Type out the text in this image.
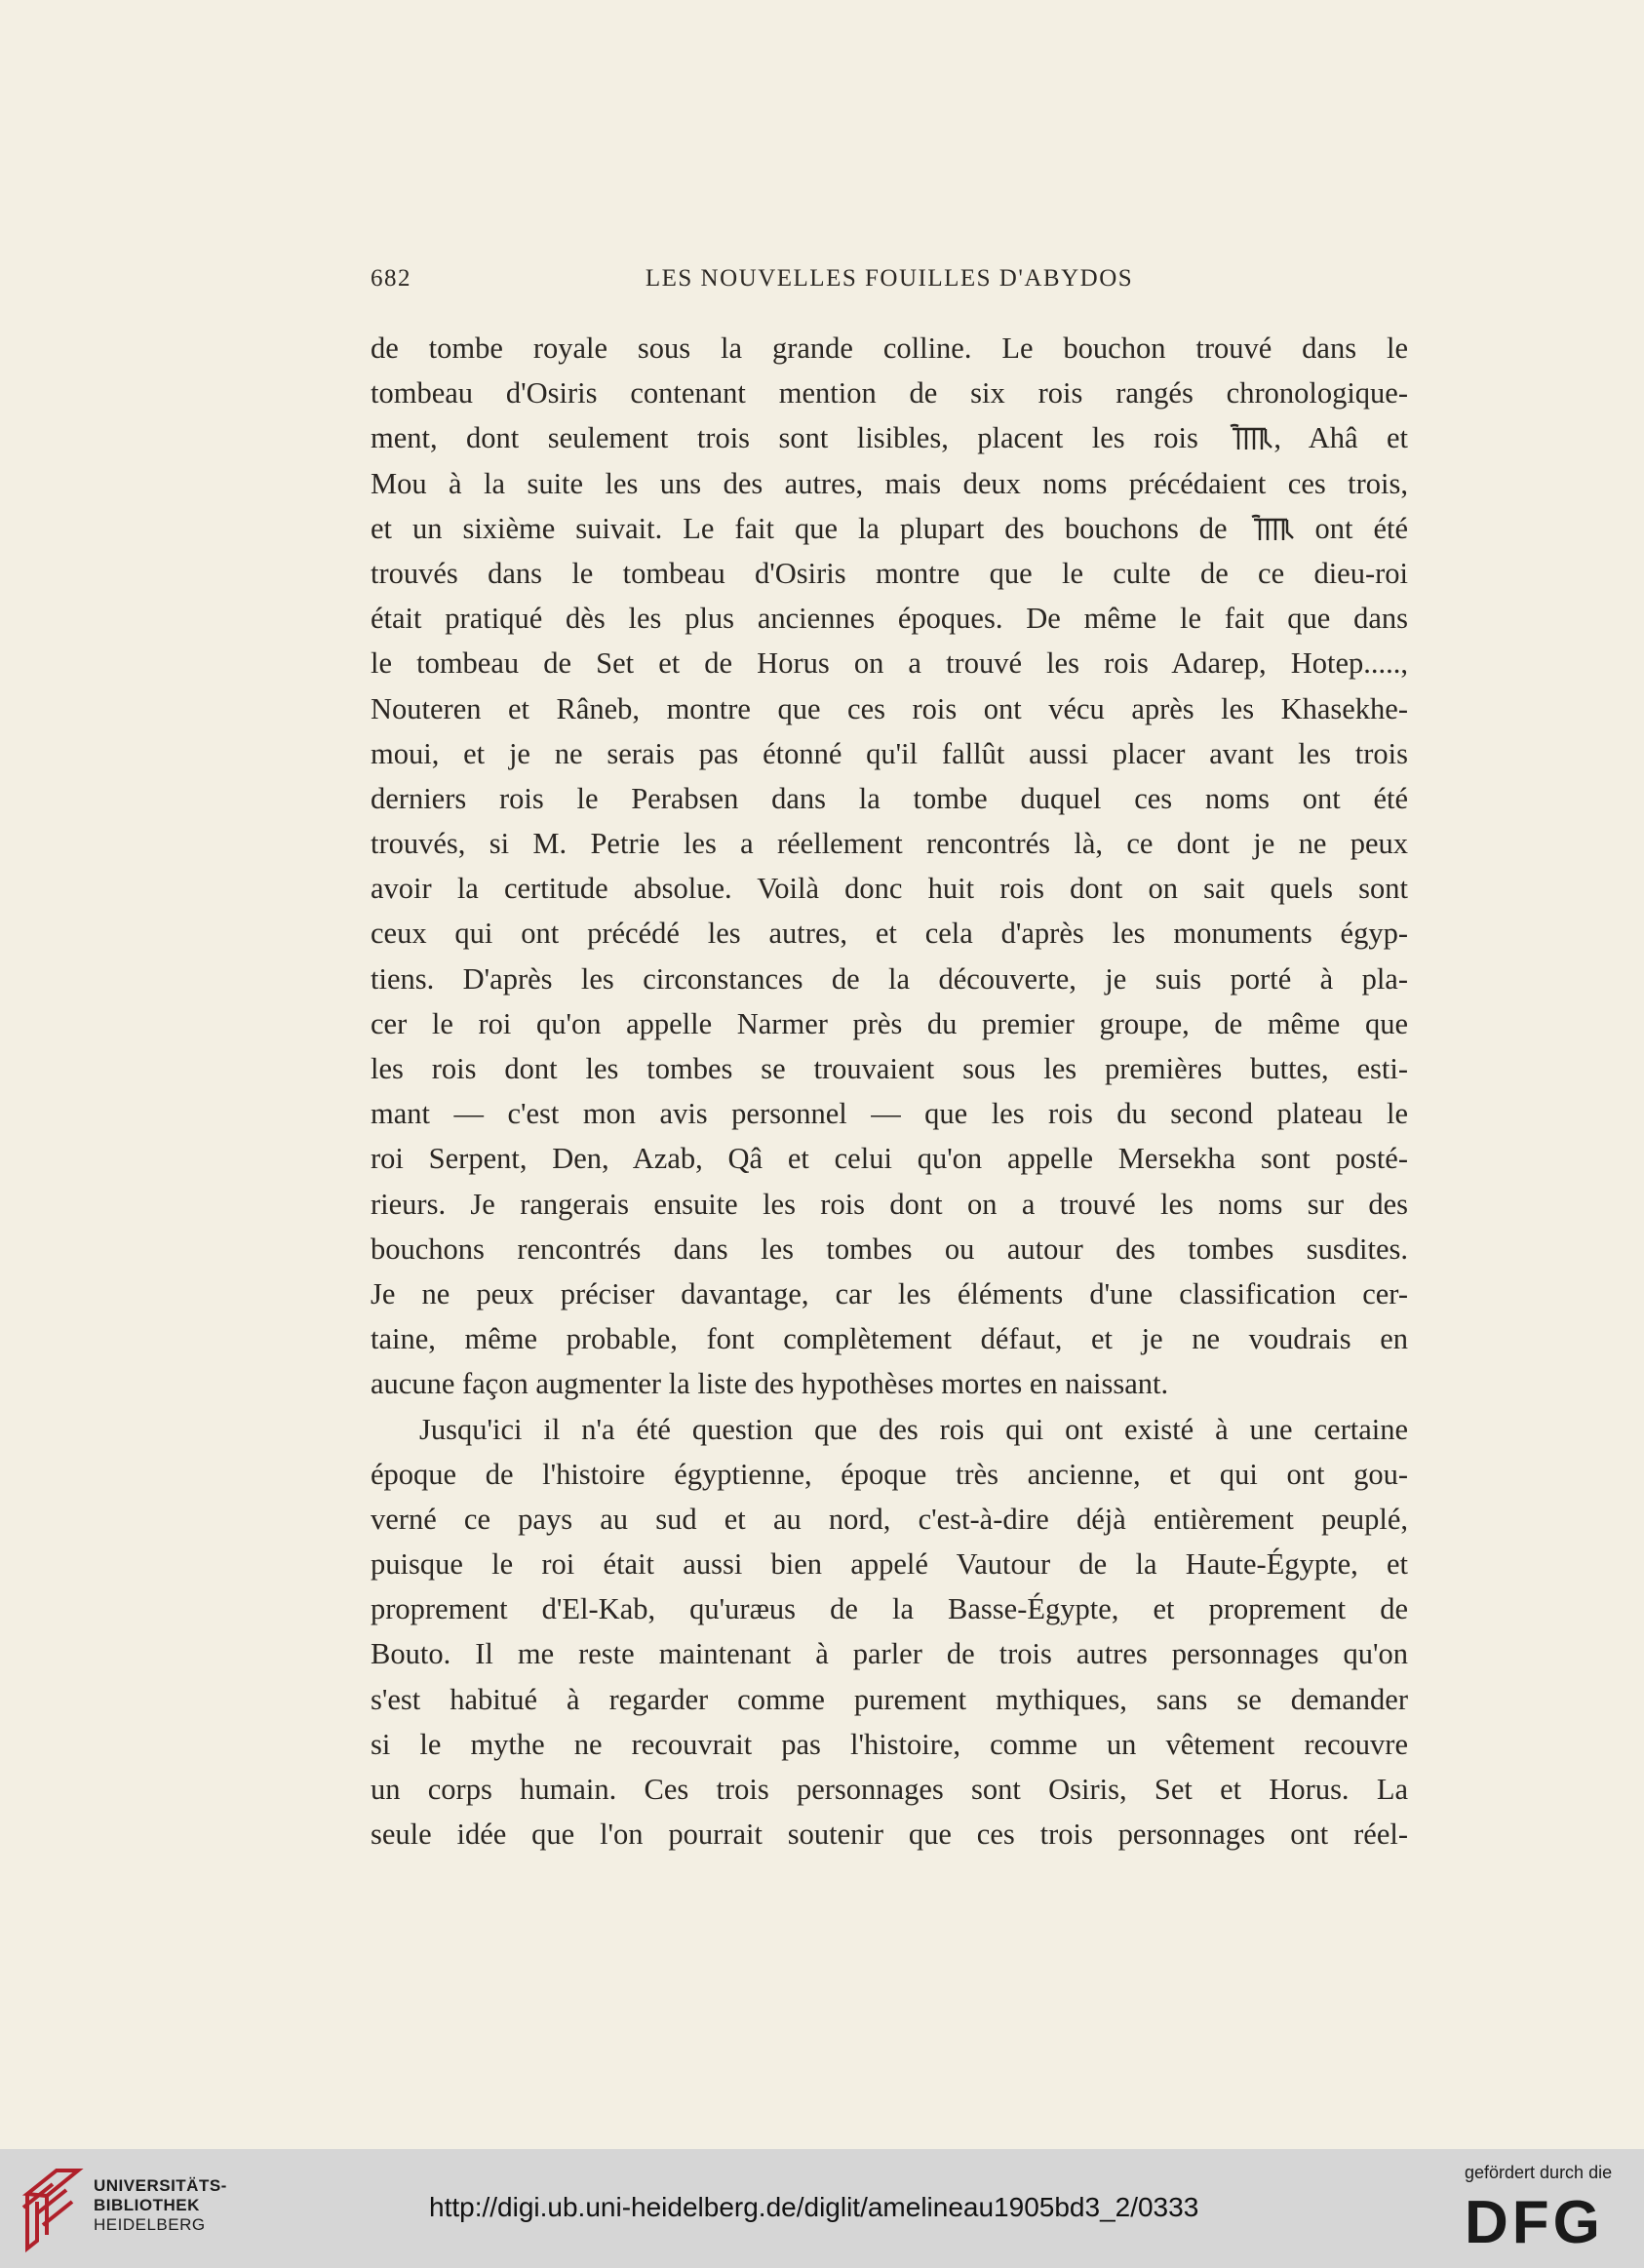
682	LES NOUVELLES FOUILLES D'ABYDOS
de tombe royale sous la grande colline. Le bouchon trouvé dans le
tombeau d'Osiris contenant mention de six rois rangés chronologique-
ment, dont seulement trois sont lisibles, placent les rois
, Ahâ et
Mou à la suite les uns des autres, mais deux noms précédaient ces trois,
et un sixième suivait. Le fait que la plupart des bouchons de
ont été
trouvés dans le tombeau d'Osiris montre que le culte de ce dieu-roi
était pratiqué dès les plus anciennes époques. De même le fait que dans
le tombeau de Set et de Horus on a trouvé les rois Adarep, Hotep.....,
Nouteren et Râneb, montre que ces rois ont vécu après les Khasekhe-
moui, et je ne serais pas étonné qu'il fallût aussi placer avant les trois
derniers rois le Perabsen dans la tombe duquel ces noms ont été
trouvés, si M. Petrie les a réellement rencontrés là, ce dont je ne peux
avoir la certitude absolue. Voilà donc huit rois dont on sait quels sont
ceux qui ont précédé les autres, et cela d'après les monuments égyp-
tiens. D'après les circonstances de la découverte, je suis porté à pla-
cer le roi qu'on appelle Narmer près du premier groupe, de même que
les rois dont les tombes se trouvaient sous les premières buttes, esti-
mant — c'est mon avis personnel — que les rois du second plateau le
roi Serpent, Den, Azab, Qâ et celui qu'on appelle Mersekha sont posté-
rieurs. Je rangerais ensuite les rois dont on a trouvé les noms sur des
bouchons rencontrés dans les tombes ou autour des tombes susdites.
Je ne peux préciser davantage, car les éléments d'une classification cer-
taine, même probable, font complètement défaut, et je ne voudrais en
aucune façon augmenter la liste des hypothèses mortes en naissant.
Jusqu'ici il n'a été question que des rois qui ont existé à une certaine
époque de l'histoire égyptienne, époque très ancienne, et qui ont gou-
verné ce pays au sud et au nord, c'est-à-dire déjà entièrement peuplé,
puisque le roi était aussi bien appelé Vautour de la Haute-Égypte, et
proprement d'El-Kab, qu'uræus de la Basse-Égypte, et proprement de
Bouto. Il me reste maintenant à parler de trois autres personnages qu'on
s'est habitué à regarder comme purement mythiques, sans se demander
si le mythe ne recouvrait pas l'histoire, comme un vêtement recouvre
un corps humain. Ces trois personnages sont Osiris, Set et Horus. La
seule idée que l'on pourrait soutenir que ces trois personnages ont réel-
UNIVERSITÄTS-
BIBLIOTHEK
HEIDELBERG
http://digi.ub.uni-heidelberg.de/diglit/amelineau1905bd3_2/0333
gefördert durch die
DFG
